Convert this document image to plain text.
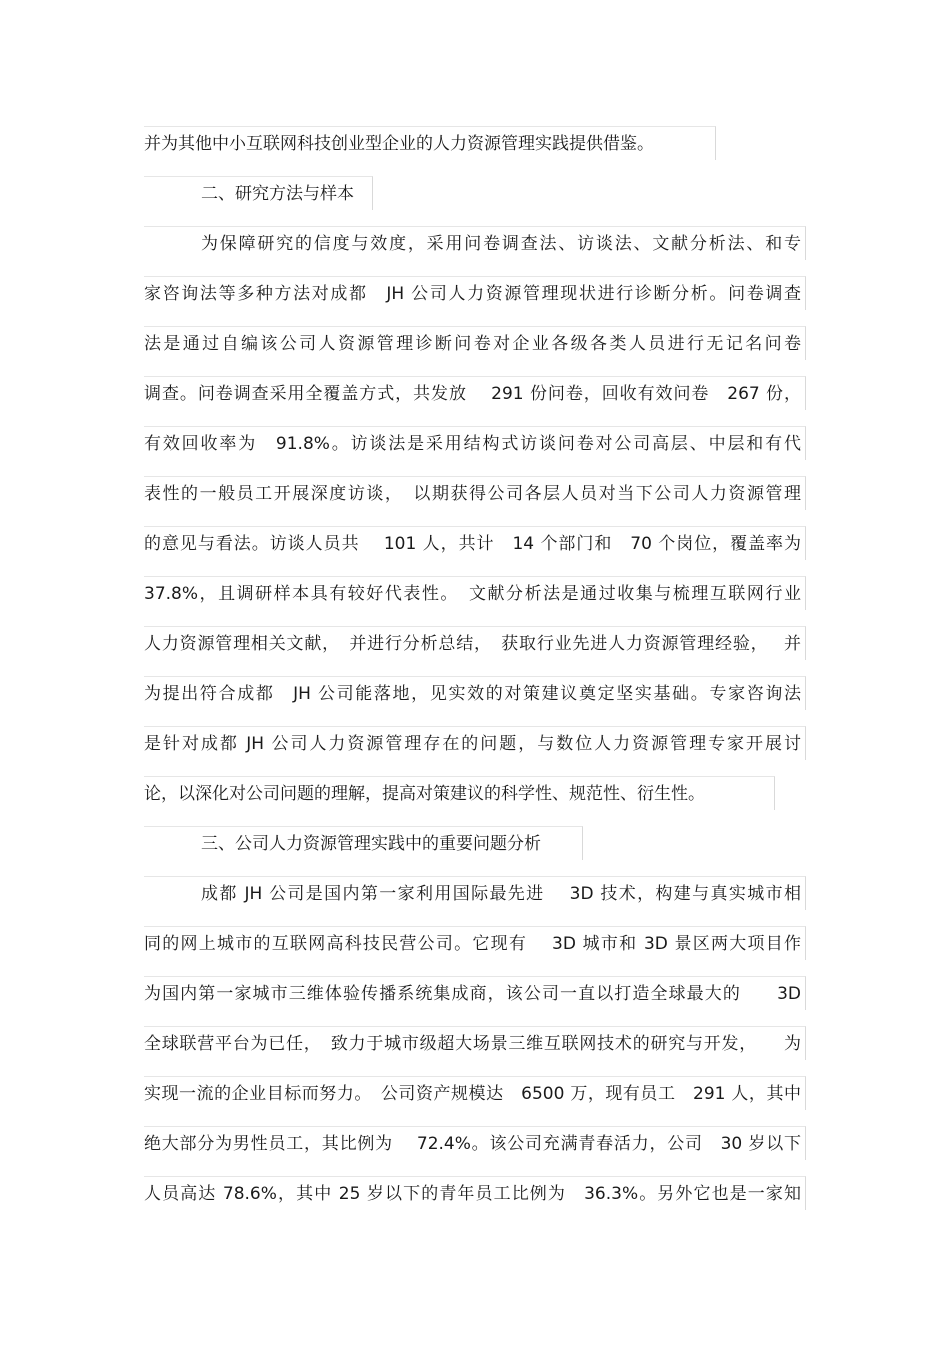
并为其他中小互联网科技创业型企业的人力资源管理实践提供借鉴。
二、研究方法与样本
为保障研究的信度与效度，采用问卷调查法、访谈法、文献分析法、和专
家咨询法等多种方法对成都　JH 公司人力资源管理现状进行诊断分析。问卷调查
法是通过自编该公司人资源管理诊断问卷对企业各级各类人员进行无记名问卷
调查。问卷调查采用全覆盖方式，共发放　 291 份问卷，回收有效问卷　267 份，
有效回收率为　91.8%。访谈法是采用结构式访谈问卷对公司高层、中层和有代
表性的一般员工开展深度访谈，　以期获得公司各层人员对当下公司人力资源管理
的意见与看法。访谈人员共　 101 人，共计　14 个部门和　70 个岗位，覆盖率为
37.8%，且调研样本具有较好代表性。　文献分析法是通过收集与梳理互联网行业
人力资源管理相关文献，　并进行分析总结，　获取行业先进人力资源管理经验，　 并
为提出符合成都　JH 公司能落地，见实效的对策建议奠定坚实基础。专家咨询法
是针对成都 JH 公司人力资源管理存在的问题，与数位人力资源管理专家开展讨
论，以深化对公司问题的理解，提高对策建议的科学性、规范性、衍生性。
三、公司人力资源管理实践中的重要问题分析
成都 JH 公司是国内第一家利用国际最先进　 3D 技术，构建与真实城市相
同的网上城市的互联网高科技民营公司。它现有　 3D 城市和 3D 景区两大项目作
为国内第一家城市三维体验传播系统集成商，该公司一直以打造全球最大的　　3D
全球联营平台为已任，　致力于城市级超大场景三维互联网技术的研究与开发，　　为
实现一流的企业目标而努力。　公司资产规模达　6500 万，现有员工　291 人，其中
绝大部分为男性员工，其比例为　 72.4%。该公司充满青春活力，公司　30 岁以下
人员高达 78.6%，其中 25 岁以下的青年员工比例为　36.3%。另外它也是一家知
